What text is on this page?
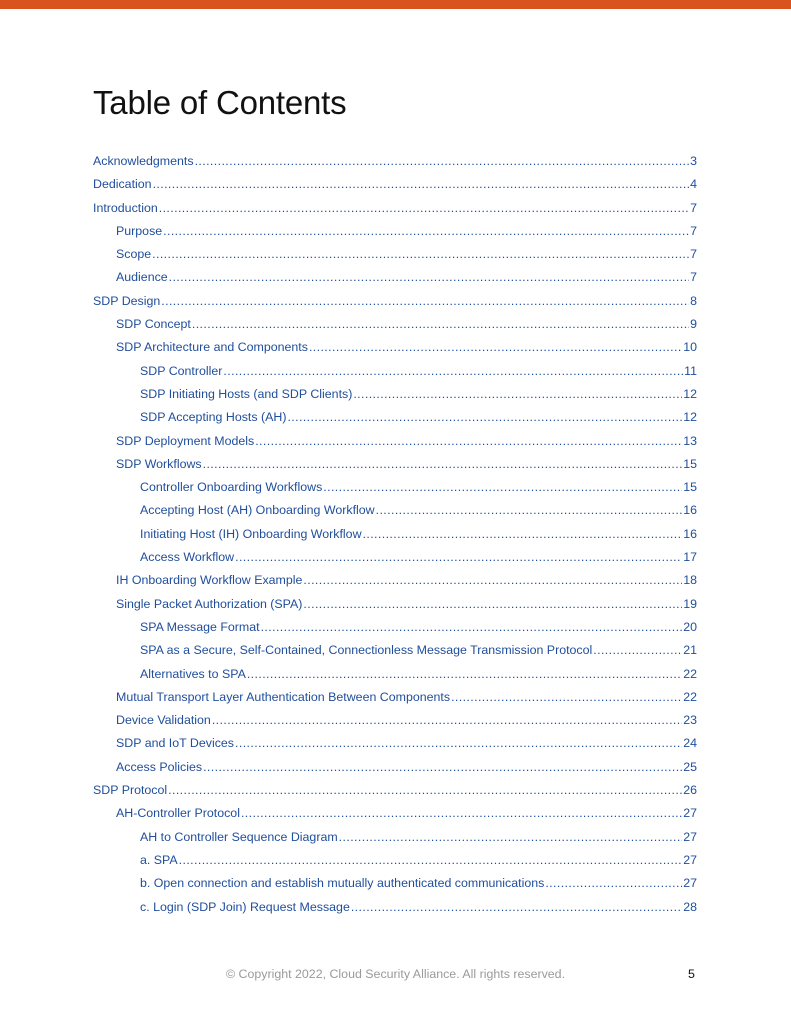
Table of Contents
Acknowledgments .....	3
Dedication .....	4
Introduction .....	7
Purpose .....	7
Scope .....	7
Audience .....	7
SDP Design .....	8
SDP Concept .....	9
SDP Architecture and Components .....	10
SDP Controller .....	11
SDP Initiating Hosts (and SDP Clients) .....	12
SDP Accepting Hosts (AH) .....	12
SDP Deployment Models .....	13
SDP Workflows .....	15
Controller Onboarding Workflows .....	15
Accepting Host (AH) Onboarding Workflow .....	16
Initiating Host (IH) Onboarding Workflow .....	16
Access Workflow .....	17
IH Onboarding Workflow Example .....	18
Single Packet Authorization (SPA) .....	19
SPA Message Format .....	20
SPA as a Secure, Self-Contained, Connectionless Message Transmission Protocol .....	21
Alternatives to SPA .....	22
Mutual Transport Layer Authentication Between Components .....	22
Device Validation .....	23
SDP and IoT Devices .....	24
Access Policies .....	25
SDP Protocol .....	26
AH-Controller Protocol .....	27
AH to Controller Sequence Diagram .....	27
a. SPA .....	27
b. Open connection and establish mutually authenticated communications .....	27
c. Login (SDP Join) Request Message .....	28
© Copyright 2022, Cloud Security Alliance. All rights reserved.	5
